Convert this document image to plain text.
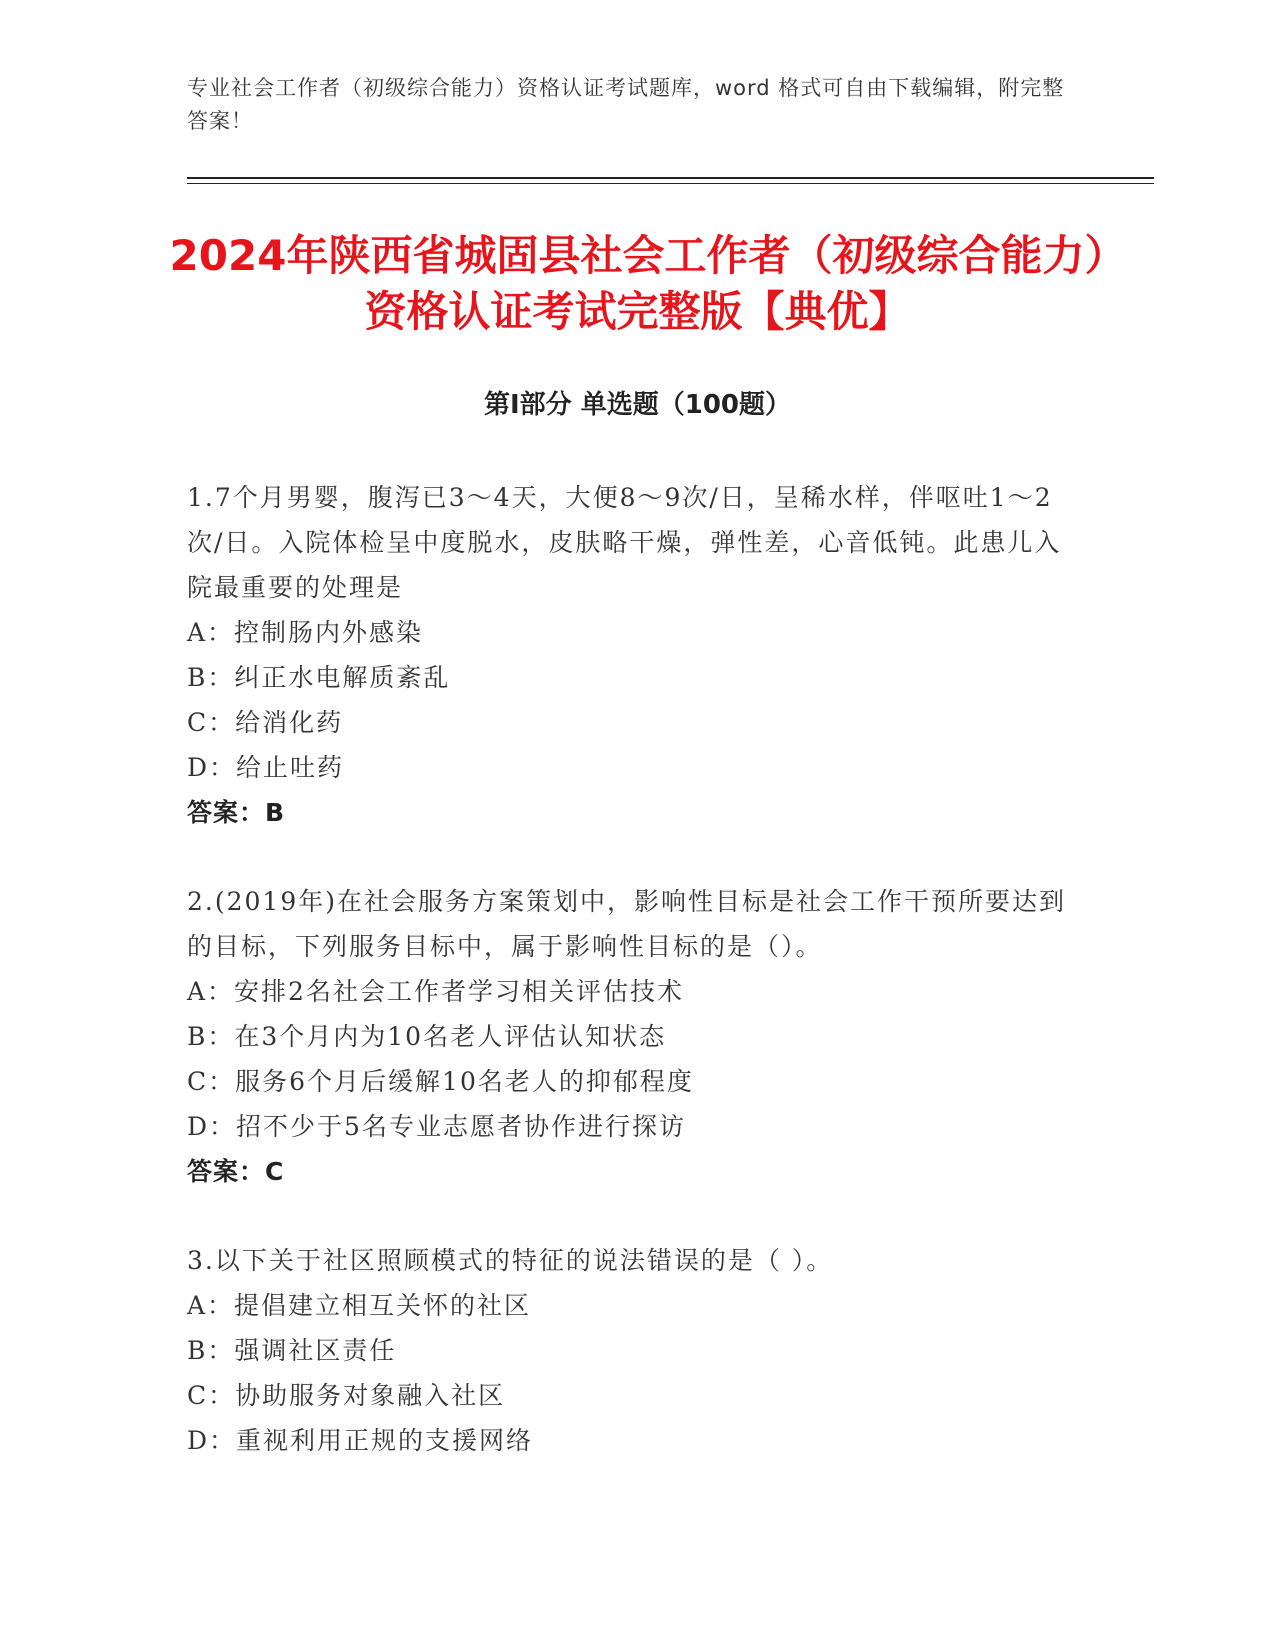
专业社会工作者（初级综合能力）资格认证考试题库，word 格式可自由下载编辑，附完整答案！
2024年陕西省城固县社会工作者（初级综合能力）资格认证考试完整版【典优】
第Ⅰ部分 单选题（100题）

1.7个月男婴，腹泻已3～4天，大便8～9次/日，呈稀水样，伴呕吐1～2次/日。入院体检呈中度脱水，皮肤略干燥，弹性差，心音低钝。此患儿入院最重要的处理是

A：控制肠内外感染

B：纠正水电解质紊乱

C：给消化药

D：给止吐药

答案：B

2.(2019年)在社会服务方案策划中，影响性目标是社会工作干预所要达到的目标，下列服务目标中，属于影响性目标的是（）。

A：安排2名社会工作者学习相关评估技术

B：在3个月内为10名老人评估认知状态

C：服务6个月后缓解10名老人的抑郁程度

D：招不少于5名专业志愿者协作进行探访

答案：C

3.以下关于社区照顾模式的特征的说法错误的是（ ）。

A：提倡建立相互关怀的社区

B：强调社区责任

C：协助服务对象融入社区

D：重视利用正规的支援网络
